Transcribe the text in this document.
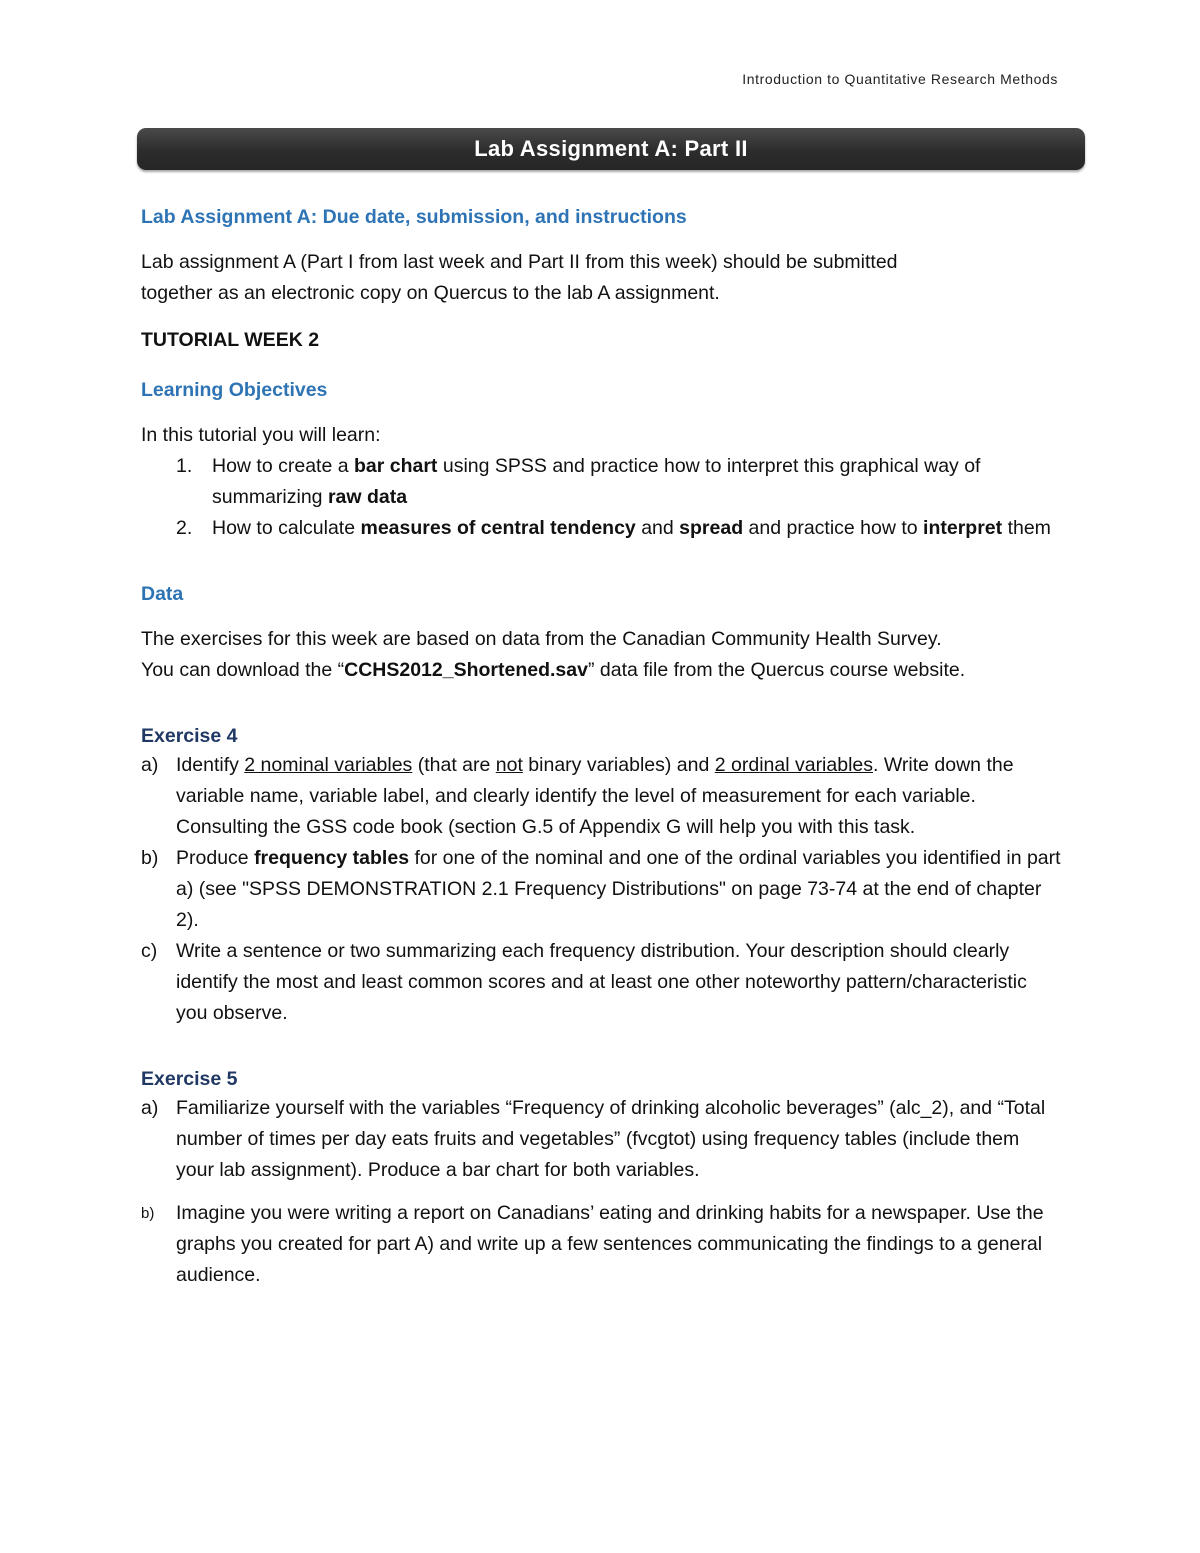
Introduction to Quantitative Research Methods
Lab Assignment A: Part II
Lab Assignment A: Due date, submission, and instructions

Lab assignment A (Part I from last week and Part II from this week) should be submitted
together as an electronic copy on Quercus to the lab A assignment.

TUTORIAL WEEK 2

Learning Objectives

In this tutorial you will learn:

1. How to create a bar chart using SPSS and practice how to interpret this graphical way of summarizing raw data
2. How to calculate measures of central tendency and spread and practice how to interpret them
Data

The exercises for this week are based on data from the Canadian Community Health Survey.
You can download the “CCHS2012_Shortened.sav” data file from the Quercus course website.

Exercise 4
a) Identify 2 nominal variables (that are not binary variables) and 2 ordinal variables. Write down the variable name, variable label, and clearly identify the level of measurement for each variable. Consulting the GSS code book (section G.5 of Appendix G will help you with this task.
b) Produce frequency tables for one of the nominal and one of the ordinal variables you identified in part a) (see "SPSS DEMONSTRATION 2.1 Frequency Distributions" on page 73-74 at the end of chapter 2).
c) Write a sentence or two summarizing each frequency distribution. Your description should clearly identify the most and least common scores and at least one other noteworthy pattern/characteristic you observe.
Exercise 5
a) Familiarize yourself with the variables “Frequency of drinking alcoholic beverages” (alc_2), and “Total number of times per day eats fruits and vegetables” (fvcgtot) using frequency tables (include them your lab assignment). Produce a bar chart for both variables.
b) Imagine you were writing a report on Canadians’ eating and drinking habits for a newspaper. Use the graphs you created for part A) and write up a few sentences communicating the findings to a general audience.
